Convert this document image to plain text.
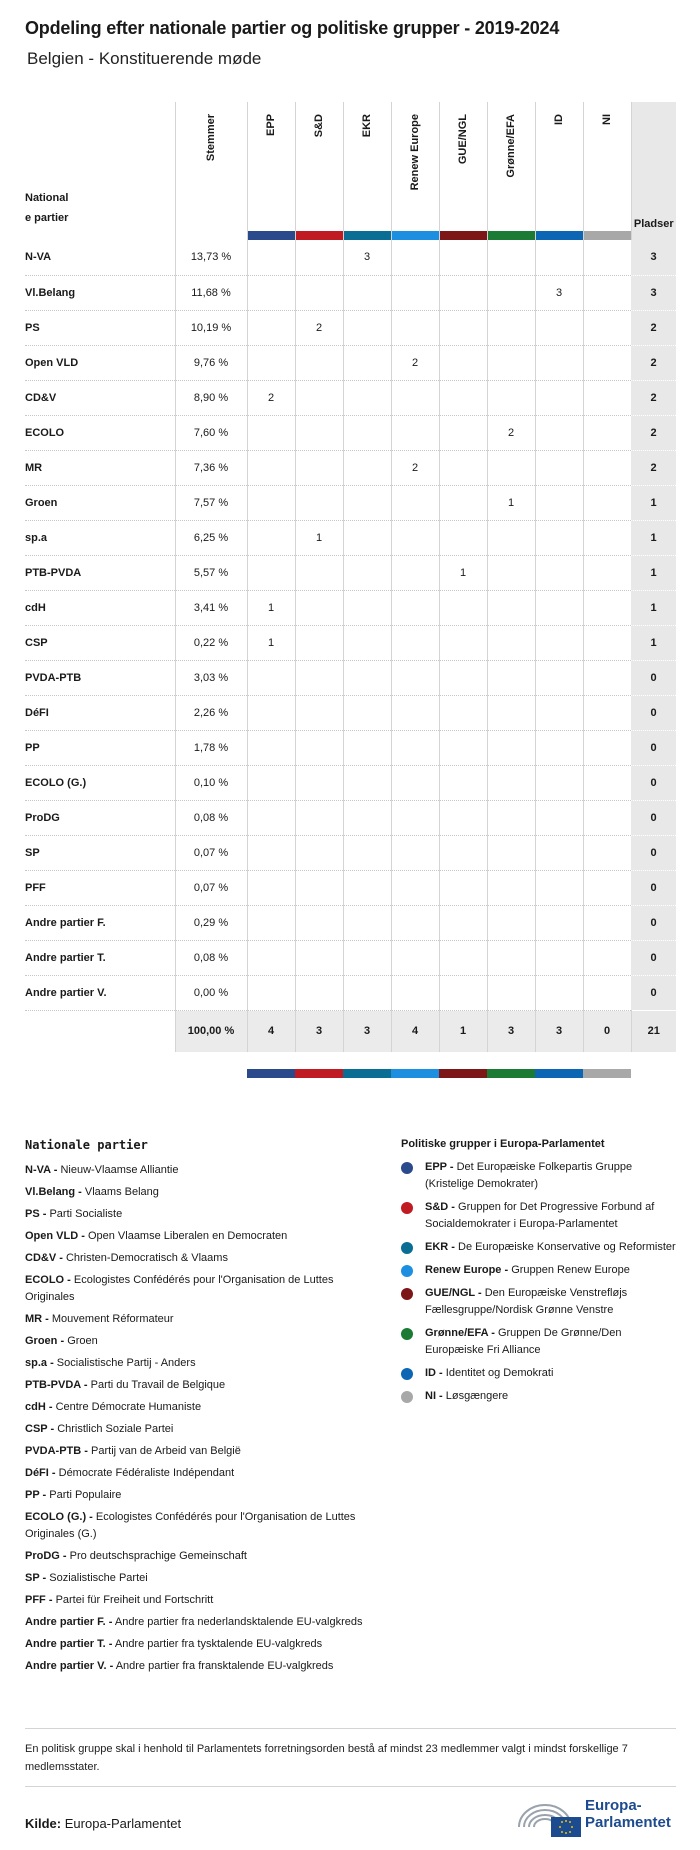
Opdeling efter nationale partier og politiske grupper - 2019-2024
Belgien - Konstituerende møde
National
e partier	Stemmer	EPP	S&D	EKR	Renew Europe	GUE/NGL	Grønne/EFA	ID	NI	Pladser
N-VA	13,73 %			3						3
Vl.Belang	11,68 %							3		3
PS	10,19 %		2							2
Open VLD	9,76 %				2					2
CD&V	8,90 %	2								2
ECOLO	7,60 %						2			2
MR	7,36 %				2					2
Groen	7,57 %						1			1
sp.a	6,25 %		1							1
PTB-PVDA	5,57 %					1				1
cdH	3,41 %	1								1
CSP	0,22 %	1								1
PVDA-PTB	3,03 %									0
DéFI	2,26 %									0
PP	1,78 %									0
ECOLO (G.)	0,10 %									0
ProDG	0,08 %									0
SP	0,07 %									0
PFF	0,07 %									0
Andre partier F.	0,29 %									0
Andre partier T.	0,08 %									0
Andre partier V.	0,00 %									0
	100,00 %	4	3	3	4	1	3	3	0	21

Nationale partier
N-VA - Nieuw-Vlaamse Alliantie
Vl.Belang - Vlaams Belang
PS - Parti Socialiste
Open VLD - Open Vlaamse Liberalen en Democraten
CD&V - Christen-Democratisch & Vlaams
ECOLO - Ecologistes Confédérés pour l'Organisation de Luttes Originales
MR - Mouvement Réformateur
Groen - Groen
sp.a - Socialistische Partij - Anders
PTB-PVDA - Parti du Travail de Belgique
cdH - Centre Démocrate Humaniste
CSP - Christlich Soziale Partei
PVDA-PTB - Partij van de Arbeid van België
DéFI - Démocrate Fédéraliste Indépendant
PP - Parti Populaire
ECOLO (G.) - Ecologistes Confédérés pour l'Organisation de Luttes Originales (G.)
ProDG - Pro deutschsprachige Gemeinschaft
SP - Sozialistische Partei
PFF - Partei für Freiheit und Fortschritt
Andre partier F. - Andre partier fra nederlandsktalende EU-valgkreds
Andre partier T. - Andre partier fra tysktalende EU-valgkreds
Andre partier V. - Andre partier fra fransktalende EU-valgkreds
Politiske grupper i Europa-Parlamentet
EPP - Det Europæiske Folkepartis Gruppe (Kristelige Demokrater)
S&D - Gruppen for Det Progressive Forbund af Socialdemokrater i Europa-Parlamentet
EKR - De Europæiske Konservative og Reformister
Renew Europe - Gruppen Renew Europe
GUE/NGL - Den Europæiske Venstrefløjs Fællesgruppe/Nordisk Grønne Venstre
Grønne/EFA - Gruppen De Grønne/Den Europæiske Fri Alliance
ID - Identitet og Demokrati
NI - Løsgængere
En politisk gruppe skal i henhold til Parlamentets forretningsorden bestå af mindst 23 medlemmer valgt i mindst forskellige 7 medlemsstater.
Kilde: Europa-Parlamentet
Europa-
Parlamentet
